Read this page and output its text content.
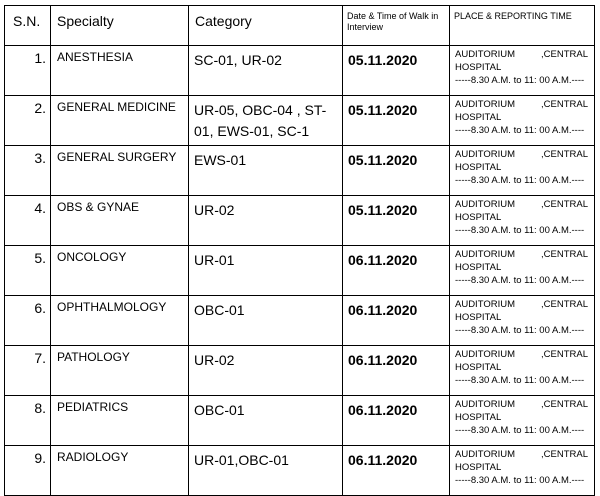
S.N.	Specialty	Category	Date & Time of Walk in Interview	PLACE & REPORTING TIME
1.	ANESTHESIA	SC-01, UR-02	05.11.2020	AUDITORIUM ,CENTRAL
HOSPITAL
-----8.30 A.M. to 11: 00 A.M.----

2.	GENERAL MEDICINE	UR-05, OBC-04 , ST-01, EWS-01, SC-1	05.11.2020	AUDITORIUM ,CENTRAL
HOSPITAL
-----8.30 A.M. to 11: 00 A.M.----

3.	GENERAL SURGERY	EWS-01	05.11.2020	AUDITORIUM ,CENTRAL
HOSPITAL
-----8.30 A.M. to 11: 00 A.M.----

4.	OBS & GYNAE	UR-02	05.11.2020	AUDITORIUM ,CENTRAL
HOSPITAL
-----8.30 A.M. to 11: 00 A.M.----

5.	ONCOLOGY	UR-01	06.11.2020	AUDITORIUM ,CENTRAL
HOSPITAL
-----8.30 A.M. to 11: 00 A.M.----

6.	OPHTHALMOLOGY	OBC-01	06.11.2020	AUDITORIUM ,CENTRAL
HOSPITAL
-----8.30 A.M. to 11: 00 A.M.----

7.	PATHOLOGY	UR-02	06.11.2020	AUDITORIUM ,CENTRAL
HOSPITAL
-----8.30 A.M. to 11: 00 A.M.----

8.	PEDIATRICS	OBC-01	06.11.2020	AUDITORIUM ,CENTRAL
HOSPITAL
-----8.30 A.M. to 11: 00 A.M.----

9.	RADIOLOGY	UR-01,OBC-01	06.11.2020	AUDITORIUM ,CENTRAL
HOSPITAL
-----8.30 A.M. to 11: 00 A.M.----
